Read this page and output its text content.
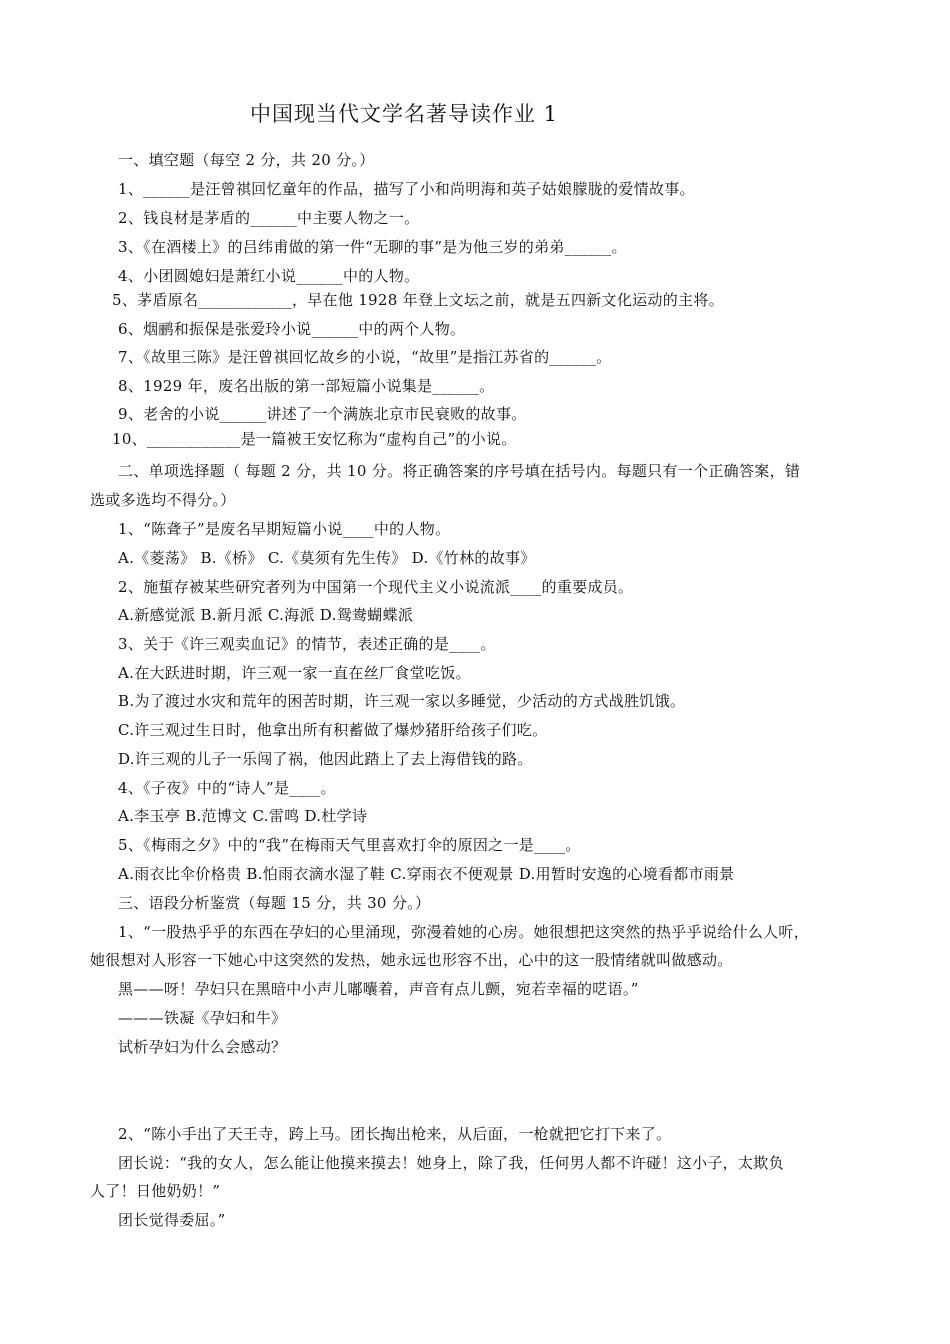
中国现当代文学名著导读作业 1
一、填空题（每空 2 分，共 20 分。）
1、______是汪曾祺回忆童年的作品，描写了小和尚明海和英子姑娘朦胧的爱情故事。
2、钱良材是茅盾的______中主要人物之一。
3、《在酒楼上》的吕纬甫做的第一件“无聊的事”是为他三岁的弟弟______。
4、小团圆媳妇是萧红小说______中的人物。
5、茅盾原名____________，早在他 1928 年登上文坛之前，就是五四新文化运动的主将。
6、烟鹂和振保是张爱玲小说______中的两个人物。
7、《故里三陈》是汪曾祺回忆故乡的小说，“故里”是指江苏省的______。
8、1929 年，废名出版的第一部短篇小说集是______。
9、老舍的小说______讲述了一个满族北京市民衰败的故事。
10、____________是一篇被王安忆称为“虚构自己”的小说。
二、单项选择题（ 每题 2 分，共 10 分。将正确答案的序号填在括号内。每题只有一个正确答案，错
选或多选均不得分。）
1、“陈聋子”是废名早期短篇小说____中的人物。
A.《菱荡》 B.《桥》 C.《莫须有先生传》 D.《竹林的故事》
2、施蜇存被某些研究者列为中国第一个现代主义小说流派____的重要成员。
A.新感觉派 B.新月派 C.海派 D.鸳鸯蝴蝶派
3、关于《许三观卖血记》的情节，表述正确的是____。
A.在大跃进时期，许三观一家一直在丝厂食堂吃饭。
B.为了渡过水灾和荒年的困苦时期，许三观一家以多睡觉，少活动的方式战胜饥饿。
C.许三观过生日时，他拿出所有积蓄做了爆炒猪肝给孩子们吃。
D.许三观的儿子一乐闯了祸，他因此踏上了去上海借钱的路。
4、《子夜》中的“诗人”是____。
A.李玉亭 B.范博文 C.雷鸣 D.杜学诗
5、《梅雨之夕》中的“我”在梅雨天气里喜欢打伞的原因之一是____。
A.雨衣比伞价格贵 B.怕雨衣滴水湿了鞋 C.穿雨衣不便观景 D.用暂时安逸的心境看都市雨景
三、语段分析鉴赏（每题 15 分，共 30 分。）
1、“一股热乎乎的东西在孕妇的心里涌现，弥漫着她的心房。她很想把这突然的热乎乎说给什么人听，
她很想对人形容一下她心中这突然的发热，她永远也形容不出，心中的这一股情绪就叫做感动。
黑——呀！孕妇只在黑暗中小声儿嘟囔着，声音有点儿颤，宛若幸福的呓语。”
———铁凝《孕妇和牛》
试析孕妇为什么会感动？
2、“陈小手出了天王寺，跨上马。团长掏出枪来，从后面，一枪就把它打下来了。
团长说：“我的女人，怎么能让他摸来摸去！她身上，除了我，任何男人都不许碰！这小子，太欺负
人了！日他奶奶！”
团长觉得委屈。”
